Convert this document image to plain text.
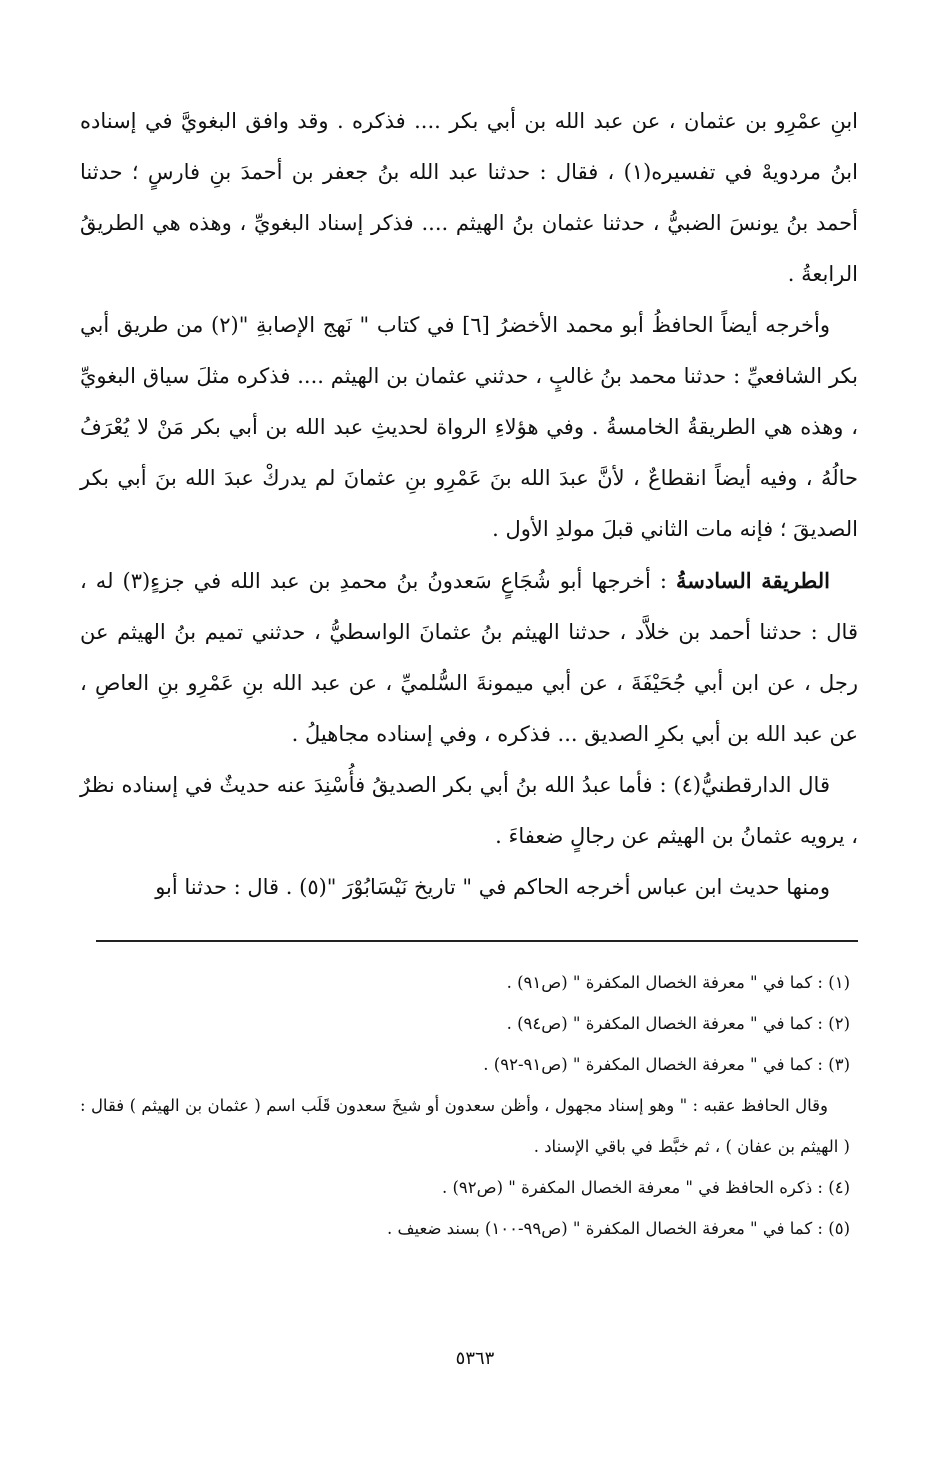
ابنِ عمْرِو بن عثمان ، عن عبد الله بن أبي بكر .... فذكره . وقد وافق البغويَّ في إسناده ابنُ مردويهْ في تفسيره(١) ، فقال : حدثنا عبد الله بنُ جعفر بن أحمدَ بنِ فارسٍ ؛ حدثنا أحمد بنُ يونسَ الضبيُّ ، حدثنا عثمان بنُ الهيثم .... فذكر إسناد البغويِّ ، وهذه هي الطريقُ الرابعةُ .

وأخرجه أيضاً الحافظُ أبو محمد الأخضرُ [٦] في كتاب " نَهج الإصابةِ "(٢) من طريق أبي بكر الشافعيِّ : حدثنا محمد بنُ غالبٍ ، حدثني عثمان بن الهيثم .... فذكره مثلَ سياق البغويِّ ، وهذه هي الطريقةُ الخامسةُ . وفي هؤلاءِ الرواة لحديثِ عبد الله بن أبي بكر مَنْ لا يُعْرَفُ حالُهُ ، وفيه أيضاً انقطاعٌ ، لأنَّ عبدَ الله بنَ عَمْرِو بنِ عثمانَ لم يدركْ عبدَ الله بنَ أبي بكر الصديقَ ؛ فإنه مات الثاني قبلَ مولدِ الأول .

الطريقة السادسةُ : أخرجها أبو شُجَاعٍ سَعدونُ بنُ محمدِ بن عبد الله في جزءٍ(٣) له ، قال : حدثنا أحمد بن خلاَّد ، حدثنا الهيثم بنُ عثمانَ الواسطيُّ ، حدثني تميم بنُ الهيثم عن رجل ، عن ابن أبي جُحَيْفَةَ ، عن أبي ميمونةَ السُّلميِّ ، عن عبد الله بنِ عَمْرِو بنِ العاصِ ، عن عبد الله بن أبي بكرِ الصديق ... فذكره ، وفي إسناده مجاهيلُ .

قال الدارقطنيُّ(٤) : فأما عبدُ الله بنُ أبي بكر الصديقُ فأُسْنِدَ عنه حديثٌ في إسناده نظرٌ ، يرويه عثمانُ بن الهيثم عن رجالٍ ضعفاءَ .

ومنها حديث ابن عباس أخرجه الحاكم في " تاريخ نَيْسَابُوْرَ "(٥) . قال : حدثنا أبو

(١) : كما في " معرفة الخصال المكفرة " (ص٩١) .

(٢) : كما في " معرفة الخصال المكفرة " (ص٩٤) .

(٣) : كما في " معرفة الخصال المكفرة " (ص٩١-٩٢) .

وقال الحافظ عقبه : " وهو إسناد مجهول ، وأظن سعدون أو شيخَ سعدون قَلَب اسم ( عثمان بن الهيثم ) فقال : ( الهيثم بن عفان ) ، ثم خبَّط في باقي الإسناد .

(٤) : ذكره الحافظ في " معرفة الخصال المكفرة " (ص٩٢) .

(٥) : كما في " معرفة الخصال المكفرة " (ص٩٩-١٠٠) بسند ضعيف .

٥٣٦٣
